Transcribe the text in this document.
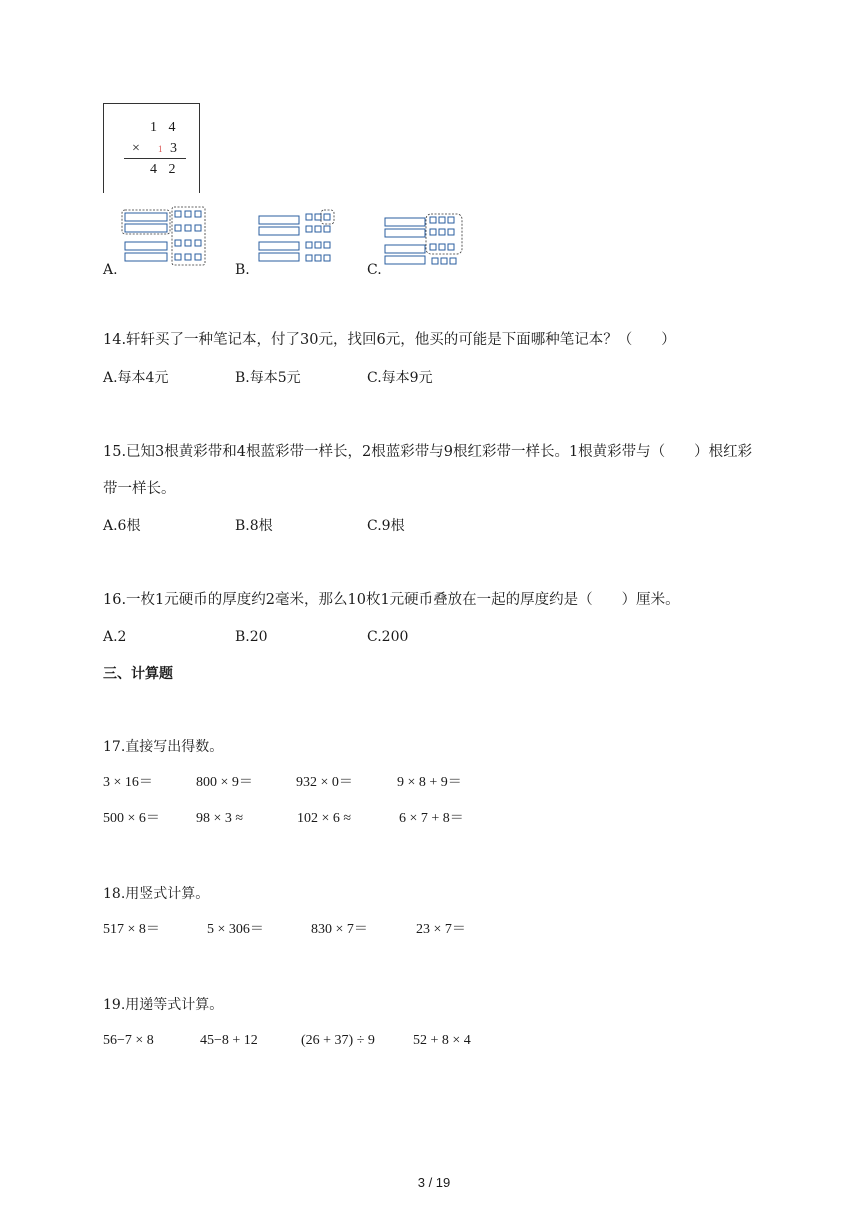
1 4
× 1 3
4 2
A.	B.	C.
14.轩轩买了一种笔记本，付了30元，找回6元，他买的可能是下面哪种笔记本？（　　）
A.每本4元	B.每本5元	C.每本9元
15.已知3根黄彩带和4根蓝彩带一样长，2根蓝彩带与9根红彩带一样长。1根黄彩带与（　　）根红彩
带一样长。
A.6根	B.8根	C.9根
16.一枚1元硬币的厚度约2毫米，那么10枚1元硬币叠放在一起的厚度约是（　　）厘米。
A.2	B.20	C.200
三、计算题
17.直接写出得数。
3 × 16＝	800 × 9＝	932 × 0＝	9 × 8 + 9＝
500 × 6＝	98 × 3 ≈	102 × 6 ≈	6 × 7 + 8＝
18.用竖式计算。
517 × 8＝	5 × 306＝	830 × 7＝	23 × 7＝
19.用递等式计算。
56−7 × 8	45−8 + 12	(26 + 37) ÷ 9	52 + 8 × 4
3 / 19
